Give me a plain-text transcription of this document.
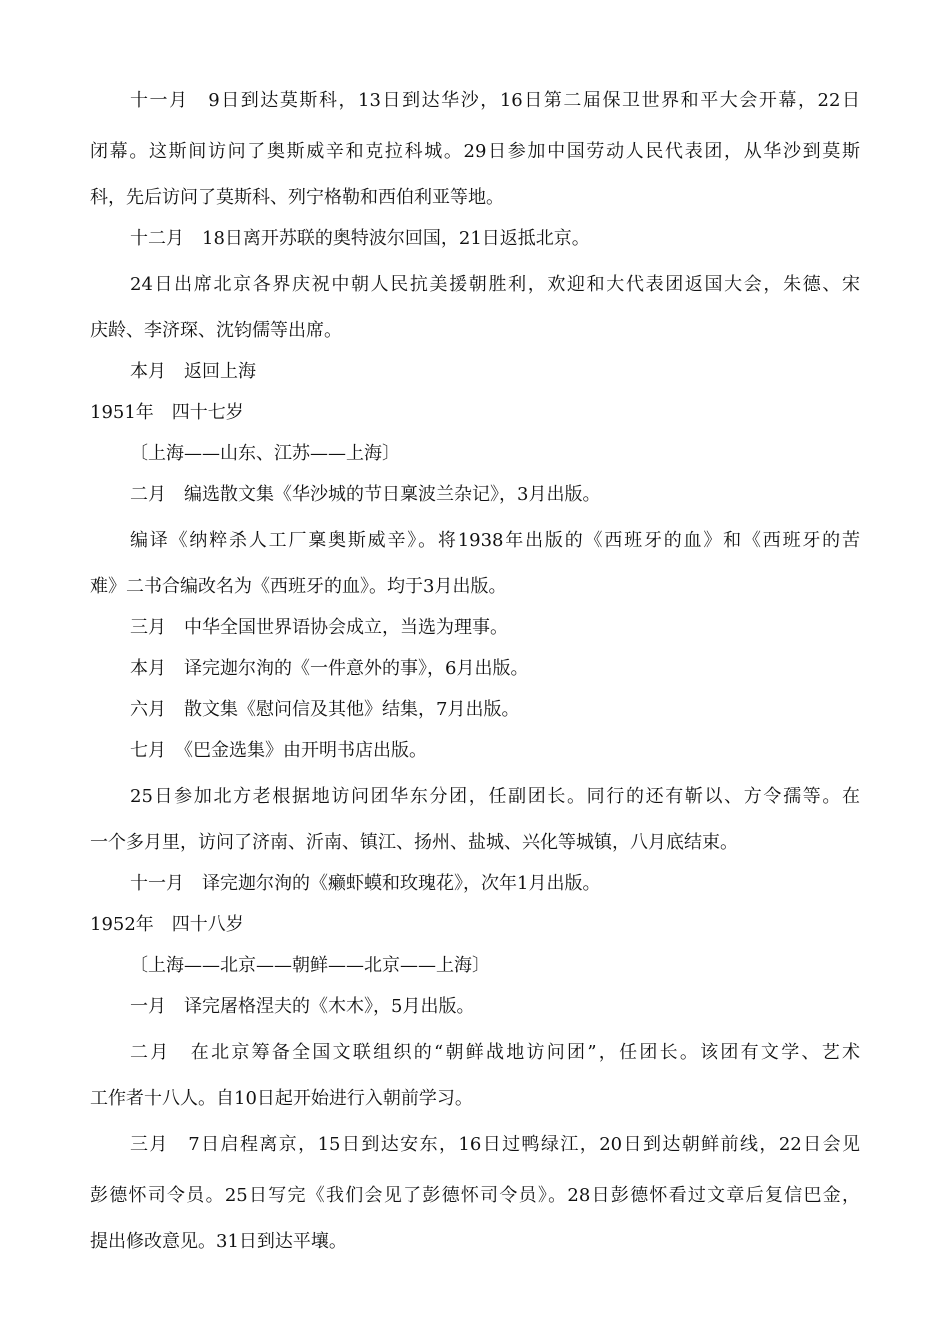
十一月　9日到达莫斯科，13日到达华沙，16日第二届保卫世界和平大会开幕，22日
闭幕。这斯间访问了奥斯威辛和克拉科城。29日参加中国劳动人民代表团，从华沙到莫斯
科，先后访问了莫斯科、列宁格勒和西伯利亚等地。
十二月　18日离开苏联的奥特波尔回国，21日返抵北京。
24日出席北京各界庆祝中朝人民抗美援朝胜利，欢迎和大代表团返国大会，朱德、宋
庆龄、李济琛、沈钧儒等出席。
本月　返回上海
1951年　四十七岁
〔上海——山东、江苏——上海〕
二月　编选散文集《华沙城的节日稟波兰杂记》，3月出版。
编译《纳粹杀人工厂稟奥斯威辛》。将1938年出版的《西班牙的血》和《西班牙的苦
难》二书合编改名为《西班牙的血》。均于3月出版。
三月　中华全国世界语协会成立，当选为理事。
本月　译完迦尔洵的《一件意外的事》，6月出版。
六月　散文集《慰问信及其他》结集，7月出版。
七月　《巴金选集》由开明书店出版。
25日参加北方老根据地访问团华东分团，任副团长。同行的还有靳以、方令孺等。在
一个多月里，访问了济南、沂南、镇江、扬州、盐城、兴化等城镇，八月底结束。
十一月　译完迦尔洵的《癞虾蟆和玫瑰花》，次年1月出版。
1952年　四十八岁
〔上海——北京——朝鲜——北京——上海〕
一月　译完屠格涅夫的《木木》，5月出版。
二月　在北京筹备全国文联组织的“朝鲜战地访问团”，任团长。该团有文学、艺术
工作者十八人。自10日起开始进行入朝前学习。
三月　7日启程离京，15日到达安东，16日过鸭绿江，20日到达朝鲜前线，22日会见
彭德怀司令员。25日写完《我们会见了彭德怀司令员》。28日彭德怀看过文章后复信巴金，
提出修改意见。31日到达平壤。
